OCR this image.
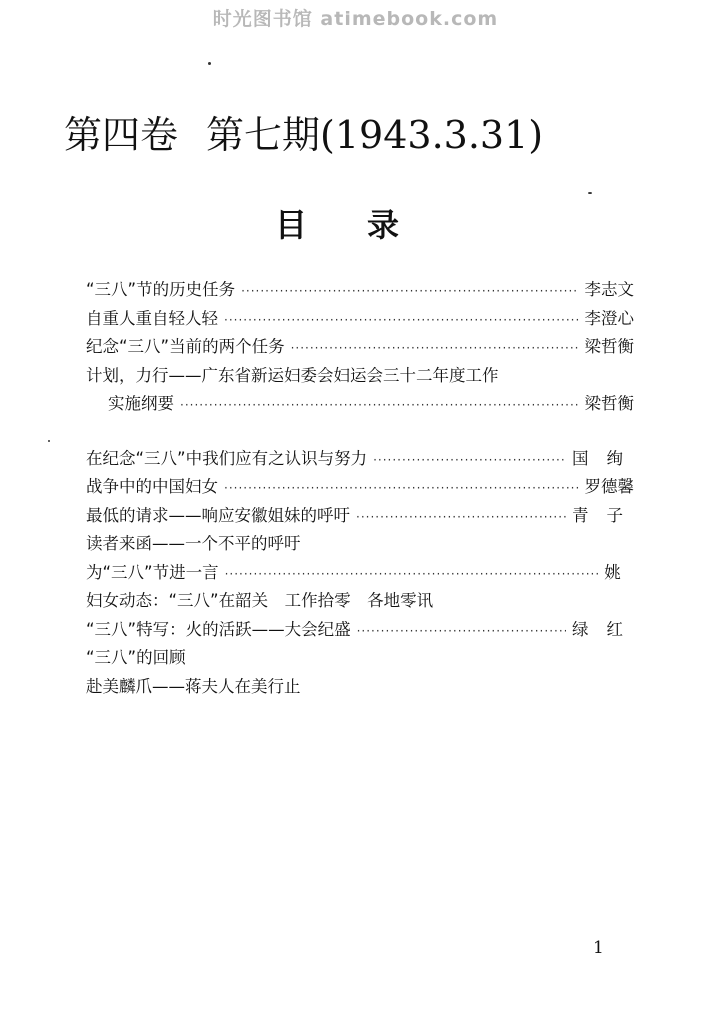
时光图书馆 atimebook.com
第四卷 第七期(1943.3.31)
目录
“三八”节的历史任务 ·····	李志文
自重人重自轻人轻 ·····	李澄心
纪念“三八”当前的两个任务 ·····	梁哲衡
计划，力行——广东省新运妇委会妇运会三十二年度工作
实施纲要 ·····	梁哲衡
在纪念“三八”中我们应有之认识与努力 ·····	国绚
战争中的中国妇女 ·····	罗德馨
最低的请求——响应安徽姐妹的呼吁 ·····	青子
读者来函——一个不平的呼吁
为“三八”节进一言 ·····	姚
妇女动态：“三八”在韶关　工作拾零　各地零讯
“三八”特写：火的活跃——大会纪盛 ·····	绿红
“三八”的回顾
赴美麟爪——蒋夫人在美行止
1
